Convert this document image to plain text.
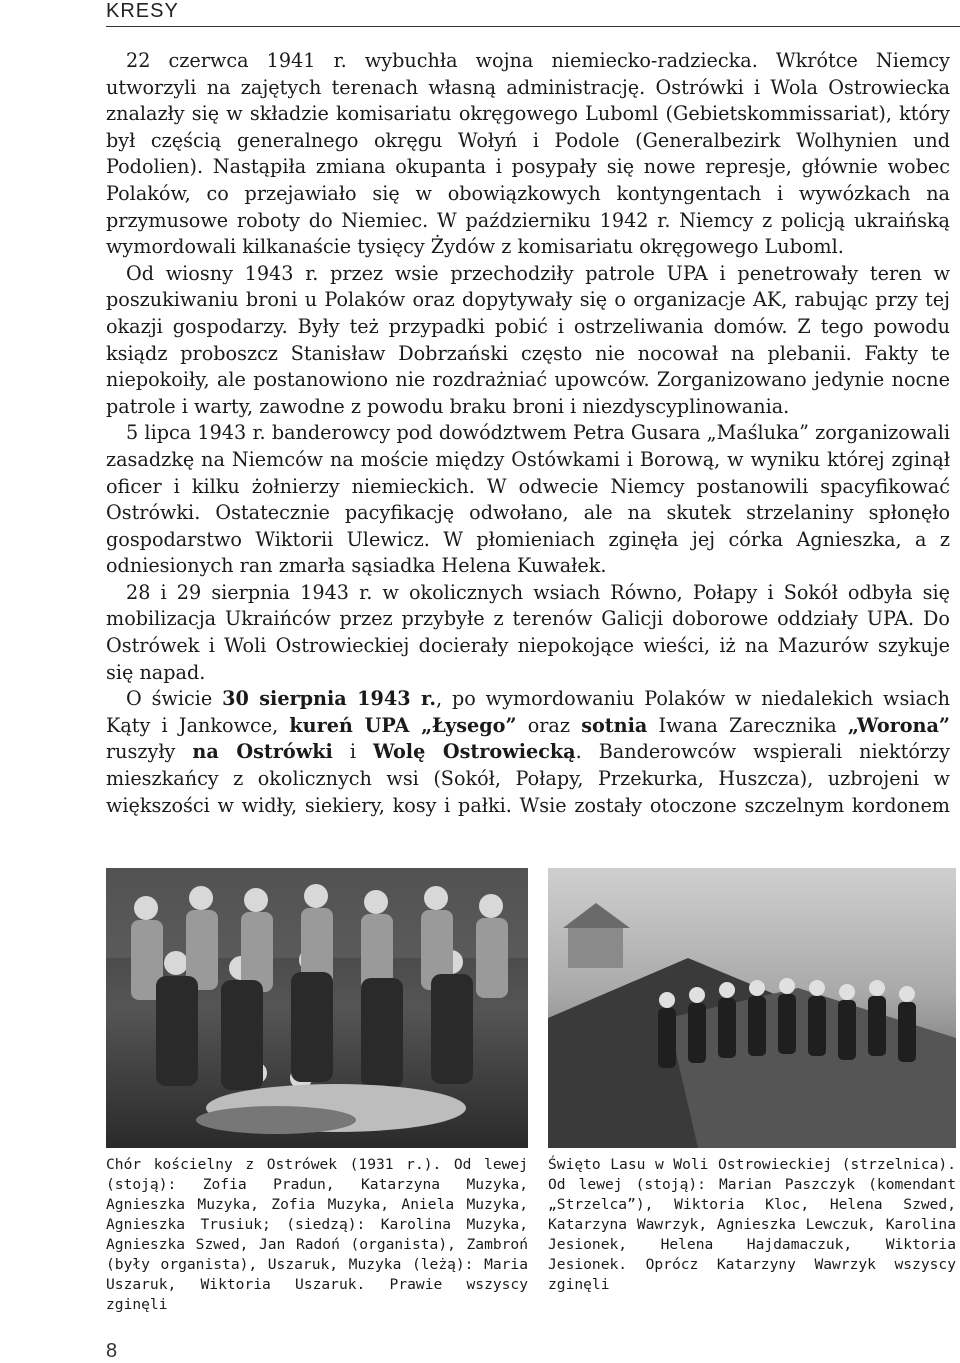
KRESY

22 czerwca 1941 r. wybuchła wojna niemiecko-radziecka. Wkrótce Niemcy utworzyli na zajętych terenach własną administrację. Ostrówki i Wola Ostrowiecka znalazły się w składzie komisariatu okręgowego Luboml (Gebietskommissariat), który był częścią generalnego okręgu Wołyń i Podole (Generalbezirk Wolhynien und Podolien). Nastąpiła zmiana okupanta i posypały się nowe represje, głównie wobec Polaków, co przejawiało się w obowiązkowych kontyngentach i wywózkach na przymusowe roboty do Niemiec. W październiku 1942 r. Niemcy z policją ukraińską wymordowali kilkanaście tysięcy Żydów z komisariatu okręgowego Luboml.

Od wiosny 1943 r. przez wsie przechodziły patrole UPA i penetrowały teren w poszukiwaniu broni u Polaków oraz dopytywały się o organizacje AK, rabując przy tej okazji gospodarzy. Były też przypadki pobić i ostrzeliwania domów. Z tego powodu ksiądz proboszcz Stanisław Dobrzański często nie nocował na plebanii. Fakty te niepokoiły, ale postanowiono nie rozdrażniać upowców. Zorganizowano jedynie nocne patrole i warty, zawodne z powodu braku broni i niezdyscyplinowania.

5 lipca 1943 r. banderowcy pod dowództwem Petra Gusara „Maśluka” zorganizowali zasadzkę na Niemców na moście między Ostówkami i Borową, w wyniku której zginął oficer i kilku żołnierzy niemieckich. W odwecie Niemcy postanowili spacyfikować Ostrówki. Ostatecznie pacyfikację odwołano, ale na skutek strzelaniny spłonęło gospodarstwo Wiktorii Ulewicz. W płomieniach zginęła jej córka Agnieszka, a z odniesionych ran zmarła sąsiadka Helena Kuwałek.

28 i 29 sierpnia 1943 r. w okolicznych wsiach Równo, Połapy i Sokół odbyła się mobilizacja Ukraińców przez przybyłe z terenów Galicji doborowe oddziały UPA. Do Ostrówek i Woli Ostrowieckiej docierały niepokojące wieści, iż na Mazurów szykuje się napad.

O świcie 30 sierpnia 1943 r., po wymordowaniu Polaków w niedalekich wsiach Kąty i Jankowce, kureń UPA „Łysego” oraz sotnia Iwana Zarecznika „Worona” ruszyły na Ostrówki i Wolę Ostrowiecką. Banderowców wspierali niektórzy mieszkańcy z okolicznych wsi (Sokół, Połapy, Przekurka, Huszcza), uzbrojeni w większości w widły, siekiery, kosy i pałki. Wsie zostały otoczone szczelnym kordonem

Chór kościelny z Ostrówek (1931 r.). Od lewej (stoją): Zofia Pradun, Katarzyna Muzyka, Agnieszka Muzyka, Zofia Muzyka, Aniela Muzyka, Agnieszka Trusiuk; (siedzą): Karolina Muzyka, Agnieszka Szwed, Jan Radoń (organista), Zambroń (były organista), Uszaruk, Muzyka (leżą): Maria Uszaruk, Wiktoria Uszaruk. Prawie wszyscy zginęli

Święto Lasu w Woli Ostrowieckiej (strzelnica). Od lewej (stoją): Marian Paszczyk (komendant „Strzelca”), Wiktoria Kloc, Helena Szwed, Katarzyna Wawrzyk, Agnieszka Lewczuk, Karolina Jesionek, Helena Hajdamaczuk, Wiktoria Jesionek. Oprócz Katarzyny Wawrzyk wszyscy zginęli

8
